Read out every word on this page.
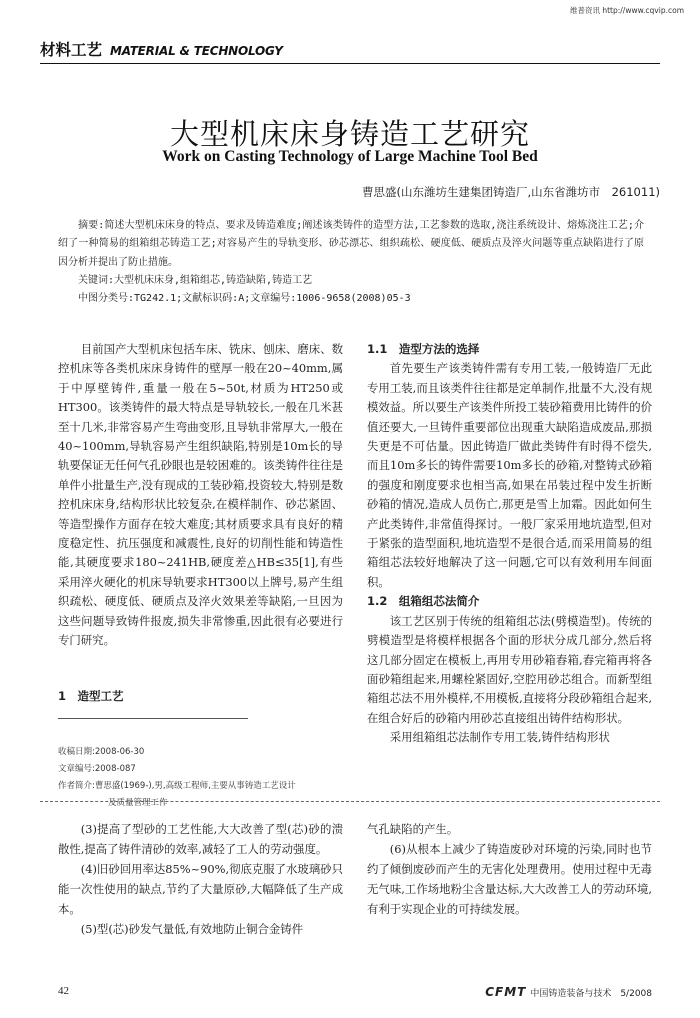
维普资讯 http://www.cqvip.com
材料工艺 MATERIAL & TECHNOLOGY
大型机床床身铸造工艺研究
Work on Casting Technology of Large Machine Tool Bed
曹思盛(山东潍坊生建集团铸造厂,山东省潍坊市　261011)

摘要:简述大型机床床身的特点、要求及铸造难度;阐述该类铸件的造型方法,工艺参数的选取,浇注系统设计、熔炼浇注工艺;介绍了一种简易的组箱组芯铸造工艺;对容易产生的导轨变形、砂芯漂芯、组织疏松、硬度低、硬质点及淬火问题等重点缺陷进行了原因分析并提出了防止措施。

关键词:大型机床床身,组箱组芯,铸造缺陷,铸造工艺
中图分类号:TG242.1;文献标识码:A;文章编号:1006-9658(2008)05-3

目前国产大型机床包括车床、铣床、刨床、磨床、数控机床等各类机床床身铸件的壁厚一般在20~40mm,属于中厚壁铸件,重量一般在5~50t,材质为HT250或HT300。该类铸件的最大特点是导轨较长,一般在几米甚至十几米,非常容易产生弯曲变形,且导轨非常厚大,一般在40~100mm,导轨容易产生组织缺陷,特别是10m长的导轨要保证无任何气孔砂眼也是较困难的。该类铸件往往是单件小批量生产,没有现成的工装砂箱,投资较大,特别是数控机床床身,结构形状比较复杂,在模样制作、砂芯紧固、等造型操作方面存在较大难度;其材质要求具有良好的精度稳定性、抗压强度和减震性,良好的切削性能和铸造性能,其硬度要求180~241HB,硬度差△HB≤35[1],有些采用淬火硬化的机床导轨要求HT300以上牌号,易产生组织疏松、硬度低、硬质点及淬火效果差等缺陷,一旦因为这些问题导致铸件报废,损失非常惨重,因此很有必要进行专门研究。

1　造型工艺
收稿日期:2008-06-30
文章编号:2008-087
作者简介:曹思盛(1969-),男,高级工程师,主要从事铸造工艺设计
及质量管理工作

1.1　造型方法的选择

首先要生产该类铸件需有专用工装,一般铸造厂无此专用工装,而且该类件往往都是定单制作,批量不大,没有规模效益。所以要生产该类件所投工装砂箱费用比铸件的价值还要大,一旦铸件重要部位出现重大缺陷造成废品,那损失更是不可估量。因此铸造厂做此类铸件有时得不偿失,而且10m多长的铸件需要10m多长的砂箱,对整铸式砂箱的强度和刚度要求也相当高,如果在吊装过程中发生折断砂箱的情况,造成人员伤亡,那更是雪上加霜。因此如何生产此类铸件,非常值得探讨。一般厂家采用地坑造型,但对于紧张的造型面积,地坑造型不是很合适,而采用简易的组箱组芯法较好地解决了这一问题,它可以有效利用车间面积。

1.2　组箱组芯法简介

该工艺区别于传统的组箱组芯法(劈模造型)。传统的劈模造型是将模样根据各个面的形状分成几部分,然后将这几部分固定在模板上,再用专用砂箱舂箱,舂完箱再将各面砂箱组起来,用螺栓紧固好,空腔用砂芯组合。而新型组箱组芯法不用外模样,不用模板,直接将分段砂箱组合起来,在组合好后的砂箱内用砂芯直接组出铸件结构形状。

采用组箱组芯法制作专用工装,铸件结构形状

(3)提高了型砂的工艺性能,大大改善了型(芯)砂的溃散性,提高了铸件清砂的效率,减轻了工人的劳动强度。

(4)旧砂回用率达85%~90%,彻底克服了水玻璃砂只能一次性使用的缺点,节约了大量原砂,大幅降低了生产成本。

(5)型(芯)砂发气量低,有效地防止铜合金铸件

气孔缺陷的产生。

(6)从根本上减少了铸造废砂对环境的污染,同时也节约了倾倒废砂而产生的无害化处理费用。使用过程中无毒无气味,工作场地粉尘含量达标,大大改善工人的劳动环境,有利于实现企业的可持续发展。

42	CFMT 中国铸造装备与技术　5/2008
